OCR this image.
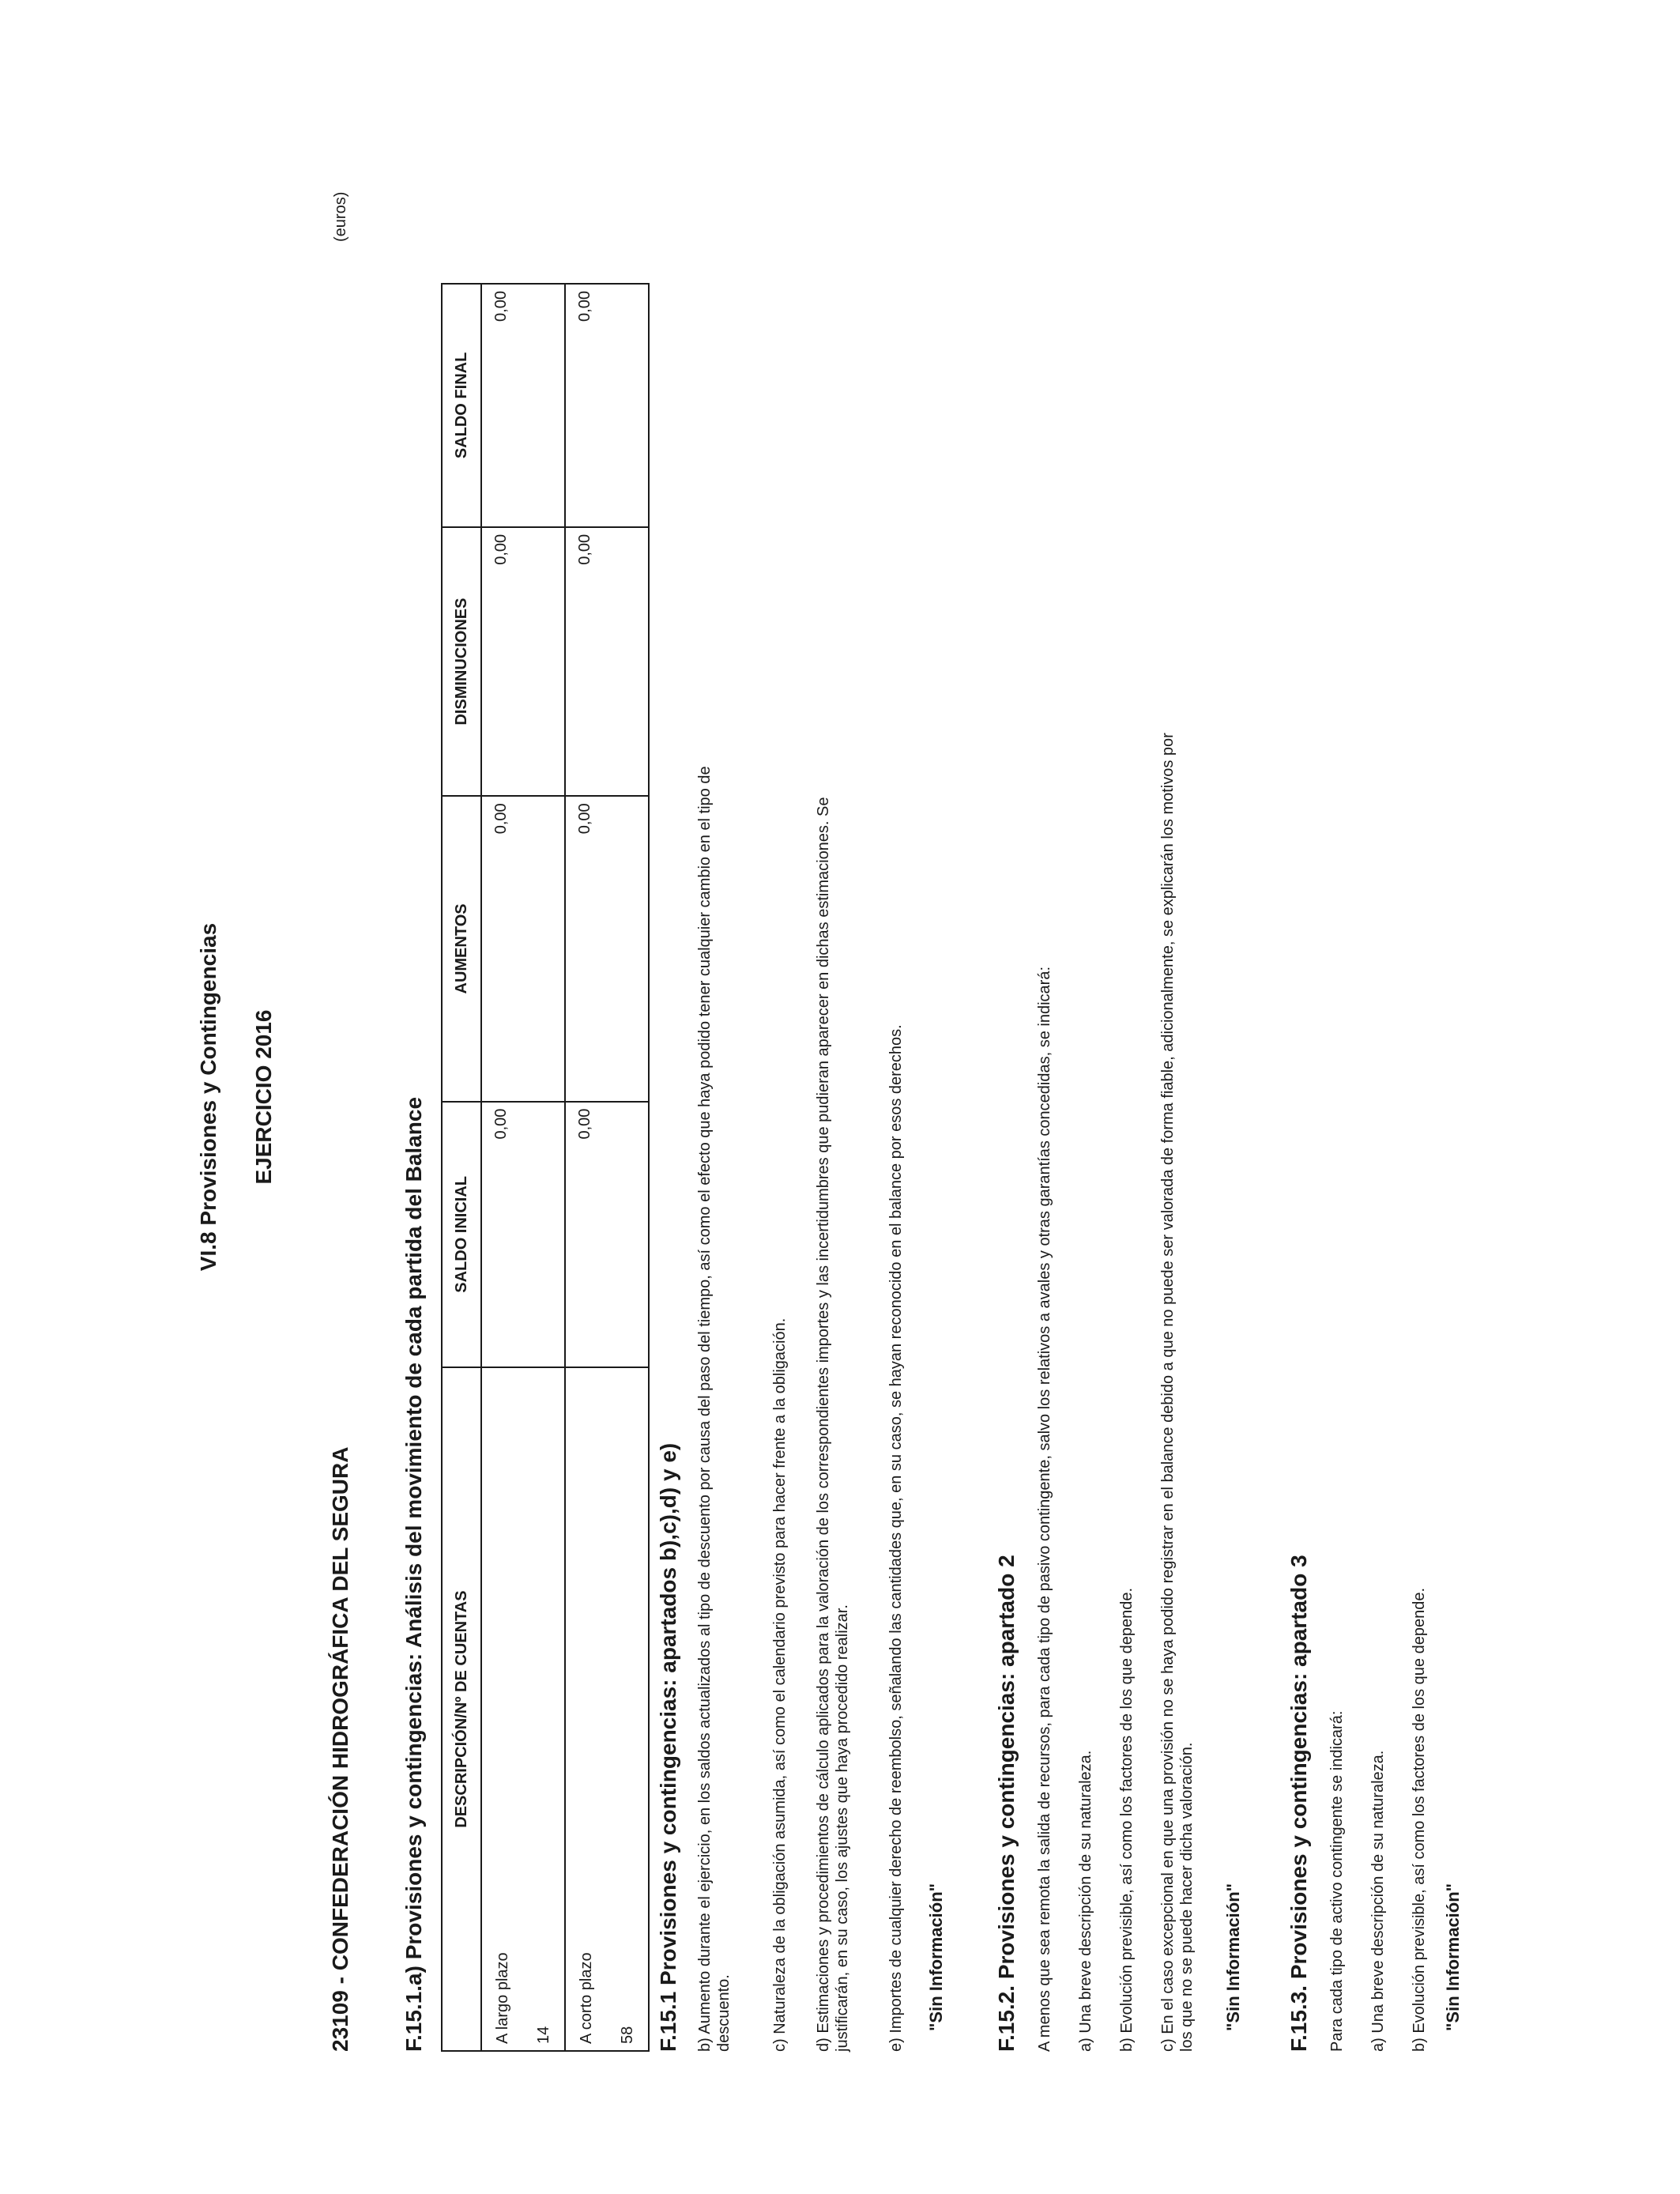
VI.8 Provisiones y Contingencias EJERCICIO 2016
23109 - CONFEDERACIÓN HIDROGRÁFICA DEL SEGURA
(euros)
F.15.1.a) Provisiones y contingencias: Análisis del movimiento de cada partida del Balance DESCRIPCIÓN/Nº DE CUENTAS	SALDO INICIAL	AUMENTOS	DISMINUCIONES	SALDO FINAL

A largo plazo 14	0,00	0,00	0,00	0,00

A corto plazo 58	0,00	0,00	0,00	0,00
F.15.1 Provisiones y contingencias: apartados b),c),d) y e) b) Aumento durante el ejercicio, en los saldos actualizados al tipo de descuento por causa del paso del tiempo, así como el efecto que haya podido tener cualquier cambio en el tipo de descuento. c) Naturaleza de la obligación asumida, así como el calendario previsto para hacer frente a la obligación. d) Estimaciones y procedimientos de cálculo aplicados para la valoración de los correspondientes importes y las incertidumbres que pudieran aparecer en dichas estimaciones. Se justificarán, en su caso, los ajustes que haya procedido realizar. e) Importes de cualquier derecho de reembolso, señalando las cantidades que, en su caso, se hayan reconocido en el balance por esos derechos. "Sin Información" F.15.2. Provisiones y contingencias: apartado 2 A menos que sea remota la salida de recursos, para cada tipo de pasivo contingente, salvo los relativos a avales y otras garantías concedidas, se indicará: a) Una breve descripción de su naturaleza. b) Evolución previsible, así como los factores de los que depende. c) En el caso excepcional en que una provisión no se haya podido registrar en el balance debido a que no puede ser valorada de forma fiable, adicionalmente, se explicarán los motivos por los que no se puede hacer dicha valoración. "Sin Información" F.15.3. Provisiones y contingencias: apartado 3 Para cada tipo de activo contingente se indicará: a) Una breve descripción de su naturaleza. b) Evolución previsible, así como los factores de los que depende. "Sin Información"
